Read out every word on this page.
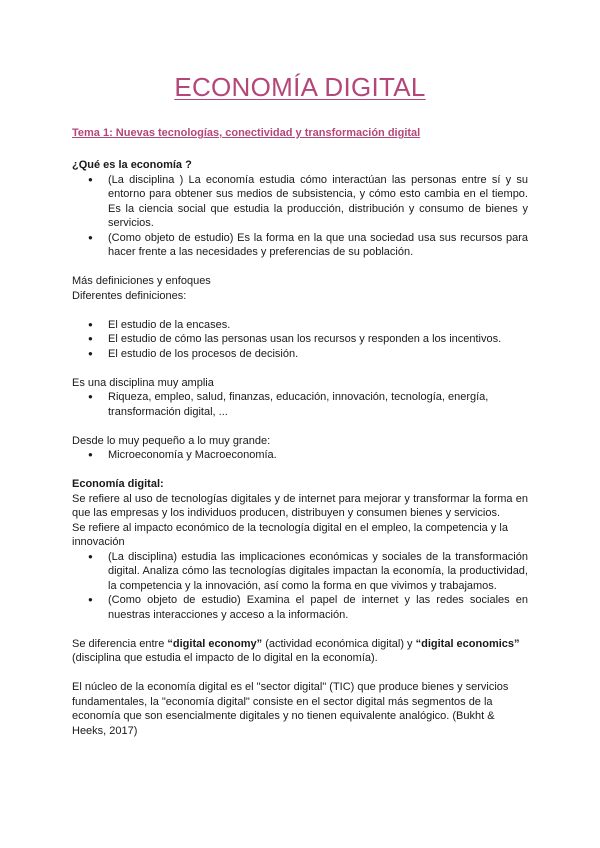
ECONOMÍA DIGITAL

Tema 1: Nuevas tecnologías, conectividad y transformación digital

¿Qué es la economía ?

● (La disciplina ) La economía estudia cómo interactúan las personas entre sí y su entorno para obtener sus medios de subsistencia, y cómo esto cambia en el tiempo. Es la ciencia social que estudia la producción, distribución y consumo de bienes y servicios.
● (Como objeto de estudio) Es la forma en la que una sociedad usa sus recursos para hacer frente a las necesidades y preferencias de su población.

Más definiciones y enfoques

Diferentes definiciones:

● El estudio de la encases.
● El estudio de cómo las personas usan los recursos y responden a los incentivos.
● El estudio de los procesos de decisión.

Es una disciplina muy amplia

● Riqueza, empleo, salud, finanzas, educación, innovación, tecnología, energía, transformación digital, ...

Desde lo muy pequeño a lo muy grande:

● Microeconomía y Macroeconomía.

Economía digital:

Se refiere al uso de tecnologías digitales y de internet para mejorar y transformar la forma en que las empresas y los individuos producen, distribuyen y consumen bienes y servicios.

Se refiere al impacto económico de la tecnología digital en el empleo, la competencia y la innovación

● (La disciplina) estudia las implicaciones económicas y sociales de la transformación digital. Analiza cómo las tecnologías digitales impactan la economía, la productividad, la competencia y la innovación, así como la forma en que vivimos y trabajamos.
● (Como objeto de estudio) Examina el papel de internet y las redes sociales en nuestras interacciones y acceso a la información.

Se diferencia entre “digital economy” (actividad económica digital) y “digital economics” (disciplina que estudia el impacto de lo digital en la economía).

El núcleo de la economía digital es el "sector digital" (TIC) que produce bienes y servicios fundamentales, la "economía digital" consiste en el sector digital más segmentos de la economía que son esencialmente digitales y no tienen equivalente analógico. (Bukht & Heeks, 2017)
